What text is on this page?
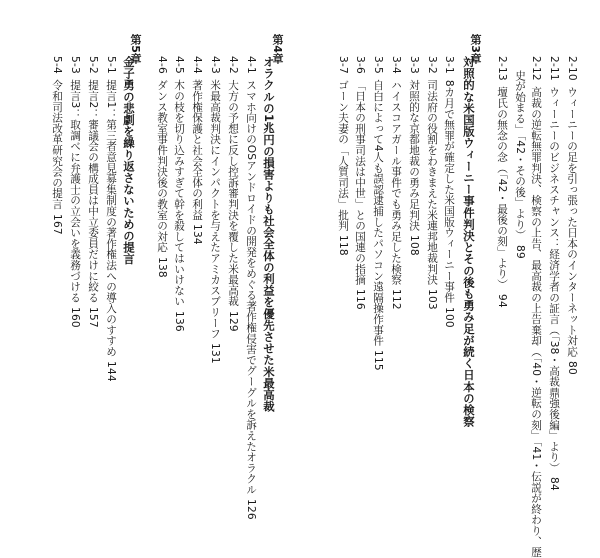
2-10ウィーニーの足を引っ張った日本のインターネット対応80
2-11ウィーニーのビジネスチャンス：経済学者の証言（「38・高裁鼎強後編」より）84
2-12高裁の逆転無罪判決、検察の上告、最高裁の上告棄却（「40・逆転の刻」「41・伝説が終わり、歴
史が始まる」「42・その後」より）89
2-13壇氏の無念の念（「42・最後の刻」より）94
第3章
対照的な米国版ウィーニー事件判決とその後も勇み足が続く日本の検察
3-18カ月で無罪が確定した米国版ウィーニー事件100
3-2司法府の役割をわきまえた米連邦地裁判決103
3-3対照的な京都地裁の勇み足判決108
3-4ハイスコアガール事件でも勇み足した検察112
3-5自白によって4人も誤認逮捕したパソコン遠隔操作事件115
3-6「日本の刑事司法は中世」との国連の指摘116
3-7ゴーン夫妻の「人質司法」批判118
第4章
オラクルの1兆円の損害よりも社会全体の利益を優先させた米最高裁
4-1スマホ向けのOSアンドロイドの開発をめぐる著作権侵害でグーグルを訴えたオラクル126
4-2大方の予想に反し控訴審判決を覆した米最高裁129
4-3米最高裁判決にインパクトを与えたアミカスブリーフ131
4-4著作権保護と社会全体の利益134
4-5木の枝を切り込みすぎて幹を殺してはいけない136
4-6ダンス教室事件判決後の教室の対応138
第5章
金子勇の悲劇を繰り返さないための提言
5-1提言1：第三者意見募集制度の著作権法への導入のすすめ144
5-2提言2：審議会の構成員は中立委員だけに絞る157
5-3提言3：取調べに弁護士の立会いを義務づける160
5-4令和司法改革研究会の提言167
